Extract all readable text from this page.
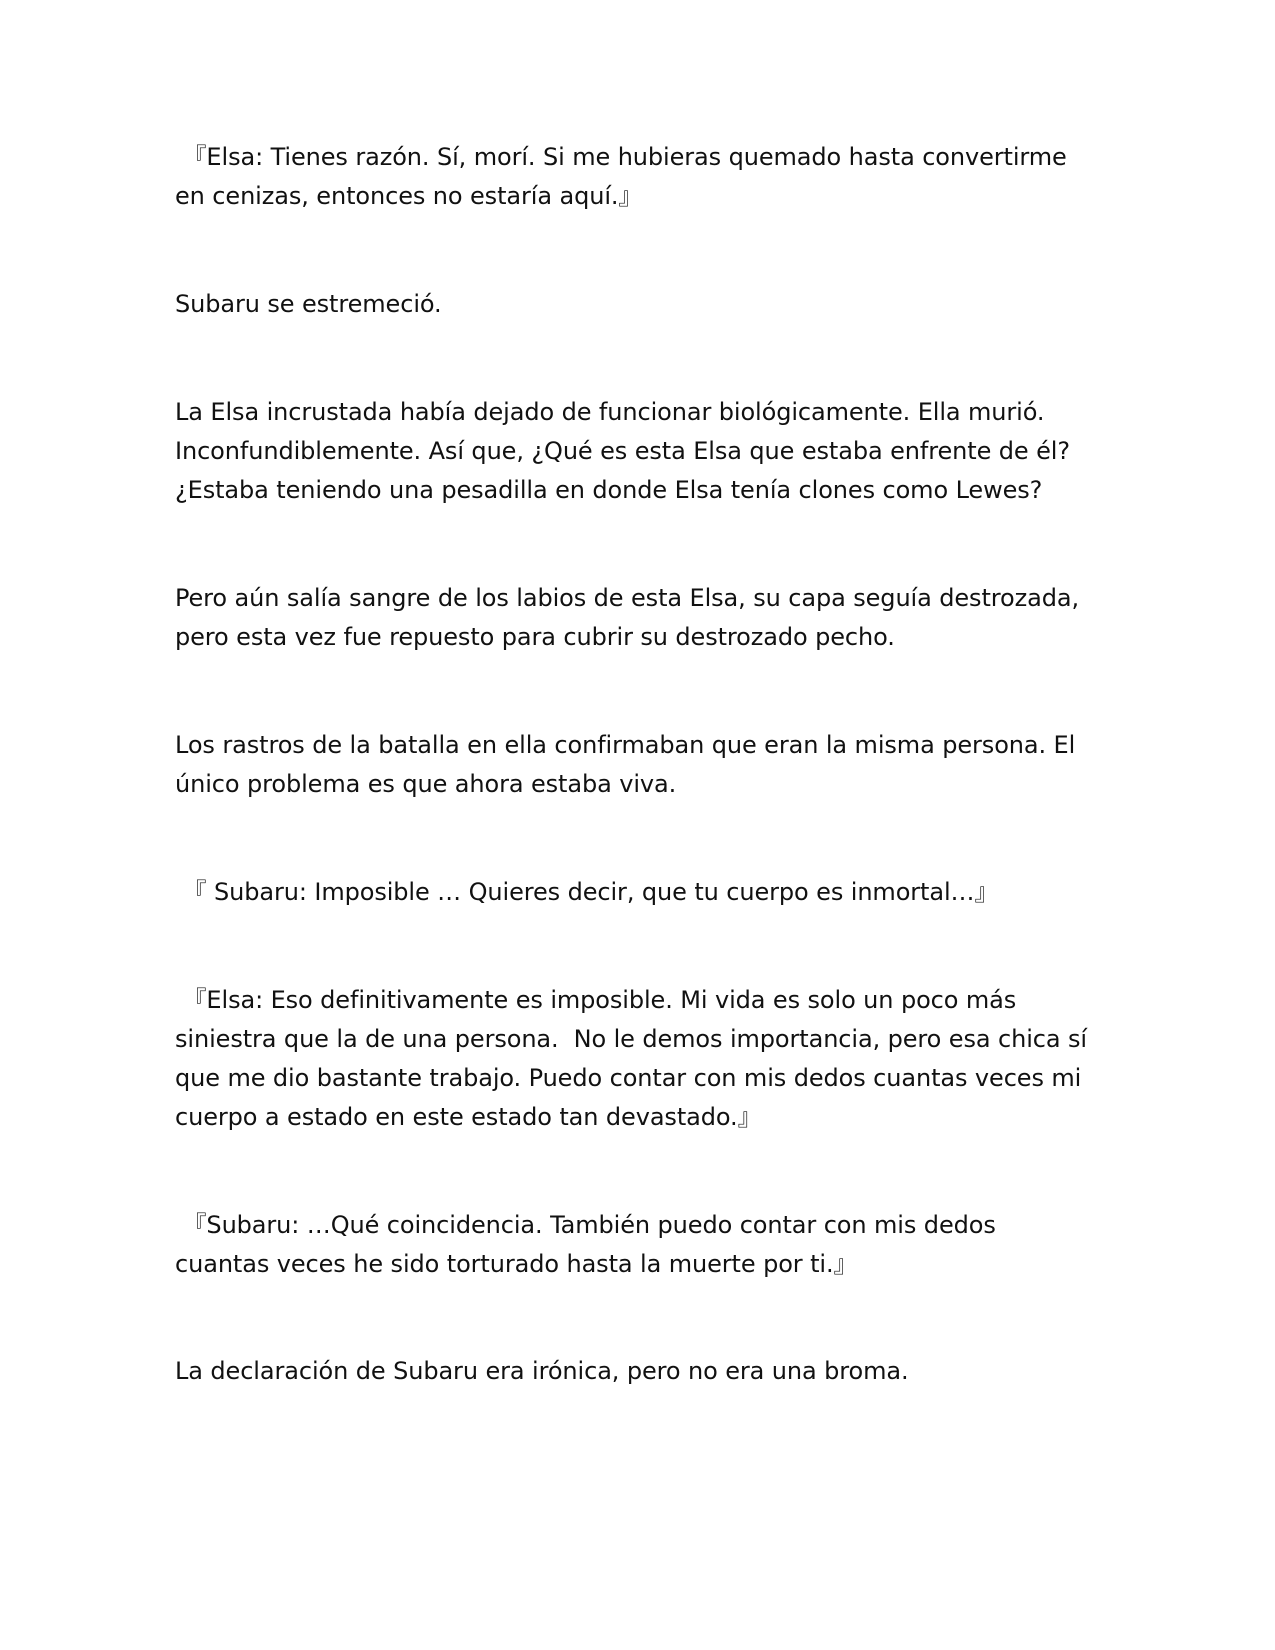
『Elsa: Tienes razón. Sí, morí. Si me hubieras quemado hasta convertirme en cenizas, entonces no estaría aquí.』

Subaru se estremeció.

La Elsa incrustada había dejado de funcionar biológicamente. Ella murió. Inconfundiblemente. Así que, ¿Qué es esta Elsa que estaba enfrente de él? ¿Estaba teniendo una pesadilla en donde Elsa tenía clones como Lewes?

Pero aún salía sangre de los labios de esta Elsa, su capa seguía destrozada, pero esta vez fue repuesto para cubrir su destrozado pecho.

Los rastros de la batalla en ella confirmaban que eran la misma persona. El único problema es que ahora estaba viva.

『 Subaru: Imposible … Quieres decir, que tu cuerpo es inmortal…』

『Elsa: Eso definitivamente es imposible. Mi vida es solo un poco más siniestra que la de una persona.  No le demos importancia, pero esa chica sí que me dio bastante trabajo. Puedo contar con mis dedos cuantas veces mi cuerpo a estado en este estado tan devastado.』

『Subaru: …Qué coincidencia. También puedo contar con mis dedos cuantas veces he sido torturado hasta la muerte por ti.』

La declaración de Subaru era irónica, pero no era una broma.
